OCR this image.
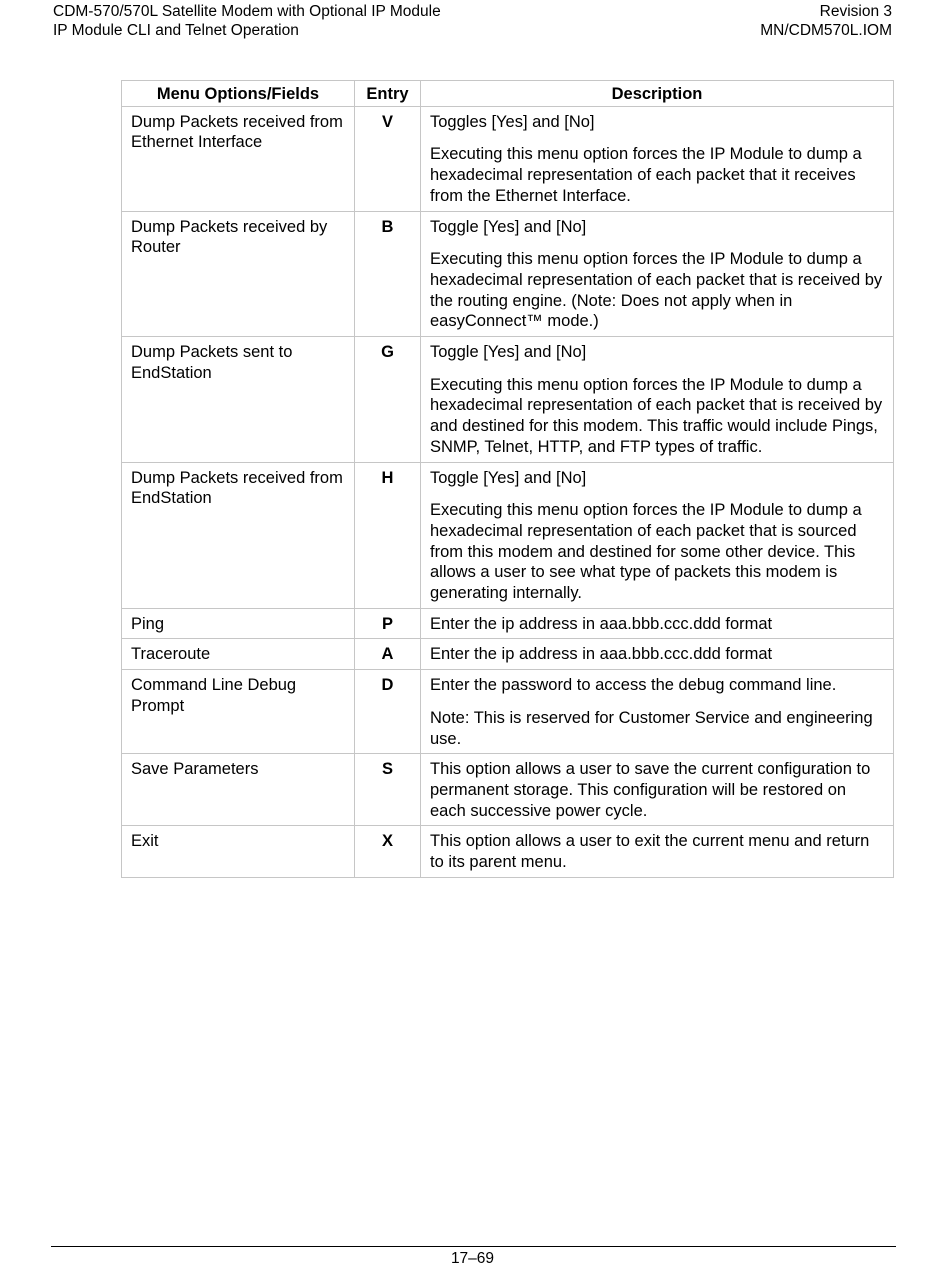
CDM-570/570L Satellite Modem with Optional IP Module
IP Module CLI and Telnet Operation
Revision 3
MN/CDM570L.IOM
Menu Options/Fields	Entry	Description
Dump Packets received from Ethernet Interface	V	Toggles [Yes] and [No]

Executing this menu option forces the IP Module to dump a hexadecimal representation of each packet that it receives from the Ethernet Interface.

Dump Packets received by Router	B	Toggle [Yes] and [No]

Executing this menu option forces the IP Module to dump a hexadecimal representation of each packet that is received by the routing engine. (Note: Does not apply when in easyConnect™ mode.)

Dump Packets sent to EndStation	G	Toggle [Yes] and [No]

Executing this menu option forces the IP Module to dump a hexadecimal representation of each packet that is received by and destined for this modem. This traffic would include Pings, SNMP, Telnet, HTTP, and FTP types of traffic.

Dump Packets received from EndStation	H	Toggle [Yes] and [No]

Executing this menu option forces the IP Module to dump a hexadecimal representation of each packet that is sourced from this modem and destined for some other device. This allows a user to see what type of packets this modem is generating internally.

Ping	P	Enter the ip address in aaa.bbb.ccc.ddd format

Traceroute	A	Enter the ip address in aaa.bbb.ccc.ddd format

Command Line Debug Prompt	D	Enter the password to access the debug command line.

Note: This is reserved for Customer Service and engineering use.

Save Parameters	S	This option allows a user to save the current configuration to permanent storage. This configuration will be restored on each successive power cycle.

Exit	X	This option allows a user to exit the current menu and return to its parent menu.

17–69
